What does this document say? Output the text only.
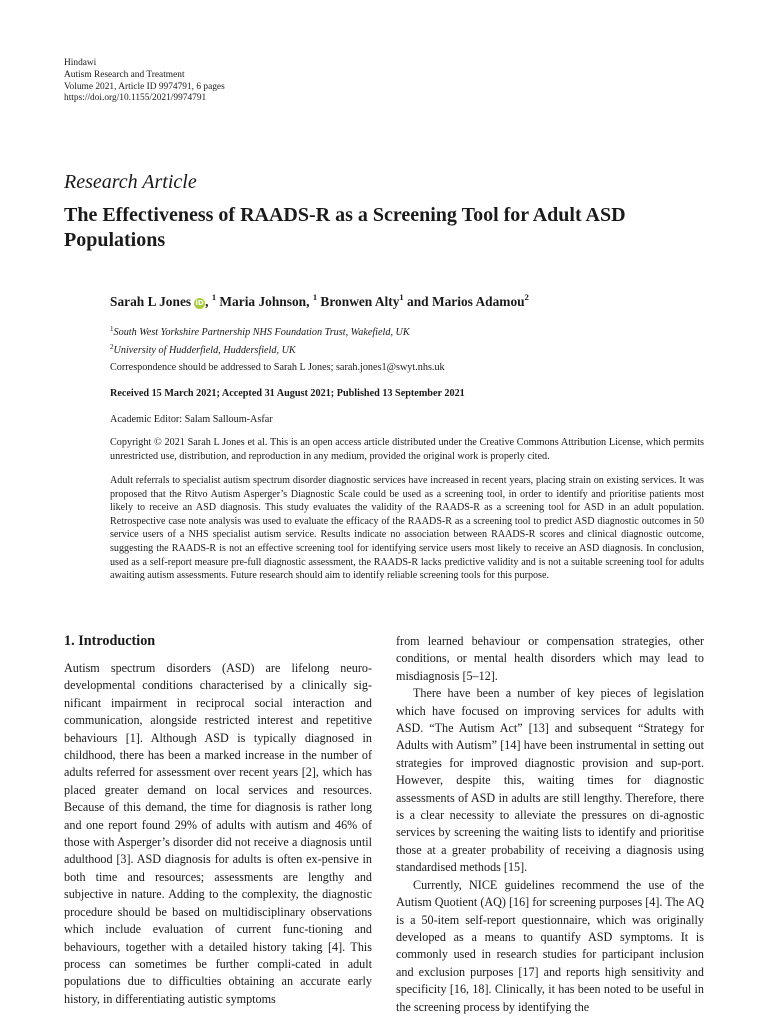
Hindawi
Autism Research and Treatment
Volume 2021, Article ID 9974791, 6 pages
https://doi.org/10.1155/2021/9974791
Research Article
The Effectiveness of RAADS-R as a Screening Tool for Adult ASD Populations
Sarah L Jones iD, $^1$ Maria Johnson, $^1$ Bronwen Alty$^1$ and Marios Adamou$^2$
$^1$South West Yorkshire Partnership NHS Foundation Trust, Wakefield, UK
$^2$University of Hudderfield, Huddersfield, UK
Correspondence should be addressed to Sarah L Jones; sarah.jones1@swyt.nhs.uk
Received 15 March 2021; Accepted 31 August 2021; Published 13 September 2021
Academic Editor: Salam Salloum-Asfar
Copyright © 2021 Sarah L Jones et al. This is an open access article distributed under the Creative Commons Attribution License, which permits unrestricted use, distribution, and reproduction in any medium, provided the original work is properly cited.
Adult referrals to specialist autism spectrum disorder diagnostic services have increased in recent years, placing strain on existing services. It was proposed that the Ritvo Autism Asperger’s Diagnostic Scale could be used as a screening tool, in order to identify and prioritise patients most likely to receive an ASD diagnosis. This study evaluates the validity of the RAADS-R as a screening tool for ASD in an adult population. Retrospective case note analysis was used to evaluate the efficacy of the RAADS-R as a screening tool to predict ASD diagnostic outcomes in 50 service users of a NHS specialist autism service. Results indicate no association between RAADS-R scores and clinical diagnostic outcome, suggesting the RAADS-R is not an effective screening tool for identifying service users most likely to receive an ASD diagnosis. In conclusion, used as a self-report measure pre-full diagnostic assessment, the RAADS-R lacks predictive validity and is not a suitable screening tool for adults awaiting autism assessments. Future research should aim to identify reliable screening tools for this purpose.
1. Introduction

Autism spectrum disorders (ASD) are lifelong neuro-developmental conditions characterised by a clinically sig-nificant impairment in reciprocal social interaction and communication, alongside restricted interest and repetitive behaviours [1]. Although ASD is typically diagnosed in childhood, there has been a marked increase in the number of adults referred for assessment over recent years [2], which has placed greater demand on local services and resources. Because of this demand, the time for diagnosis is rather long and one report found 29% of adults with autism and 46% of those with Asperger’s disorder did not receive a diagnosis until adulthood [3]. ASD diagnosis for adults is often ex-pensive in both time and resources; assessments are lengthy and subjective in nature. Adding to the complexity, the diagnostic procedure should be based on multidisciplinary observations which include evaluation of current func-tioning and behaviours, together with a detailed history taking [4]. This process can sometimes be further compli-cated in adult populations due to difficulties obtaining an accurate early history, in differentiating autistic symptoms

from learned behaviour or compensation strategies, other conditions, or mental health disorders which may lead to misdiagnosis [5–12].

There have been a number of key pieces of legislation which have focused on improving services for adults with ASD. “The Autism Act” [13] and subsequent “Strategy for Adults with Autism” [14] have been instrumental in setting out strategies for improved diagnostic provision and sup-port. However, despite this, waiting times for diagnostic assessments of ASD in adults are still lengthy. Therefore, there is a clear necessity to alleviate the pressures on di-agnostic services by screening the waiting lists to identify and prioritise those at a greater probability of receiving a diagnosis using standardised methods [15].

Currently, NICE guidelines recommend the use of the Autism Quotient (AQ) [16] for screening purposes [4]. The AQ is a 50-item self-report questionnaire, which was originally developed as a means to quantify ASD symptoms. It is commonly used in research studies for participant inclusion and exclusion purposes [17] and reports high sensitivity and specificity [16, 18]. Clinically, it has been noted to be useful in the screening process by identifying the
